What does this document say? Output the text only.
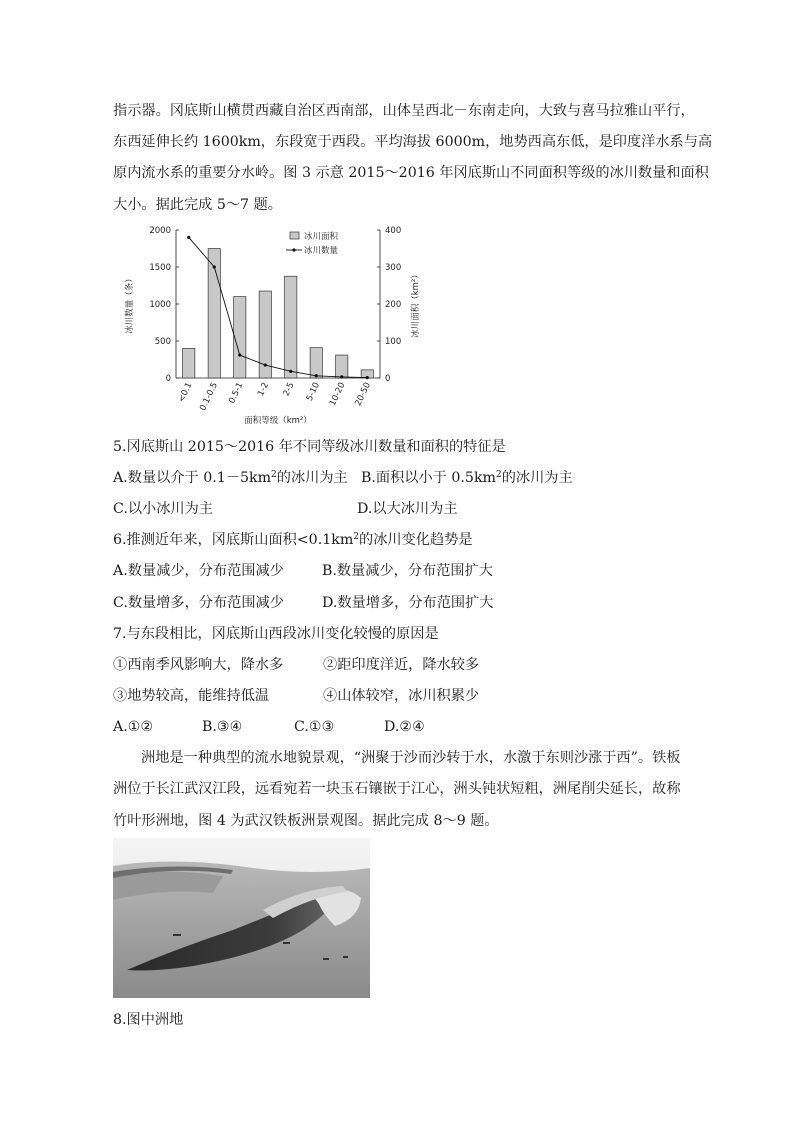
指示器。冈底斯山横贯西藏自治区西南部，山体呈西北－东南走向，大致与喜马拉雅山平行，
东西延伸长约 1600km，东段宽于西段。平均海拔 6000m，地势西高东低，是印度洋水系与高
原内流水系的重要分水岭。图 3 示意 2015～2016 年冈底斯山不同面积等级的冰川数量和面积
大小。据此完成 5～7 题。
0
500
1000
1500
2000
0
100
200
300
400
冰川数量（条）	冰川面积（km²）
<0.1 0.1-0.5 0.5-1 1-2 2-5 5-10 10-20 20-50
面积等级（km²）
冰川面积
冰川数量
5.冈底斯山 2015～2016 年不同等级冰川数量和面积的特征是
A.数量以介于 $0.1-5km^2$的冰川为主 B.面积以小于 $0.5km^2$的冰川为主
C.以小冰川为主	D.以大冰川为主
6.推测近年来，冈底斯山面积$<0.1km^2$的冰川变化趋势是
A.数量减少，分布范围减少	B.数量减少，分布范围扩大
C.数量增多，分布范围减少	D.数量增多，分布范围扩大
7.与东段相比，冈底斯山西段冰川变化较慢的原因是
①西南季风影响大，降水多	②距印度洋近，降水较多
③地势较高，能维持低温	④山体较窄，冰川积累少
A.①②	B.③④	C.①③	D.②④
洲地是一种典型的流水地貌景观，“洲聚于沙而沙转于水，水激于东则沙涨于西”。铁板
洲位于长江武汉江段，远看宛若一块玉石镶嵌于江心，洲头钝状短粗，洲尾削尖延长，故称
竹叶形洲地，图 4 为武汉铁板洲景观图。据此完成 8～9 题。
8.图中洲地
